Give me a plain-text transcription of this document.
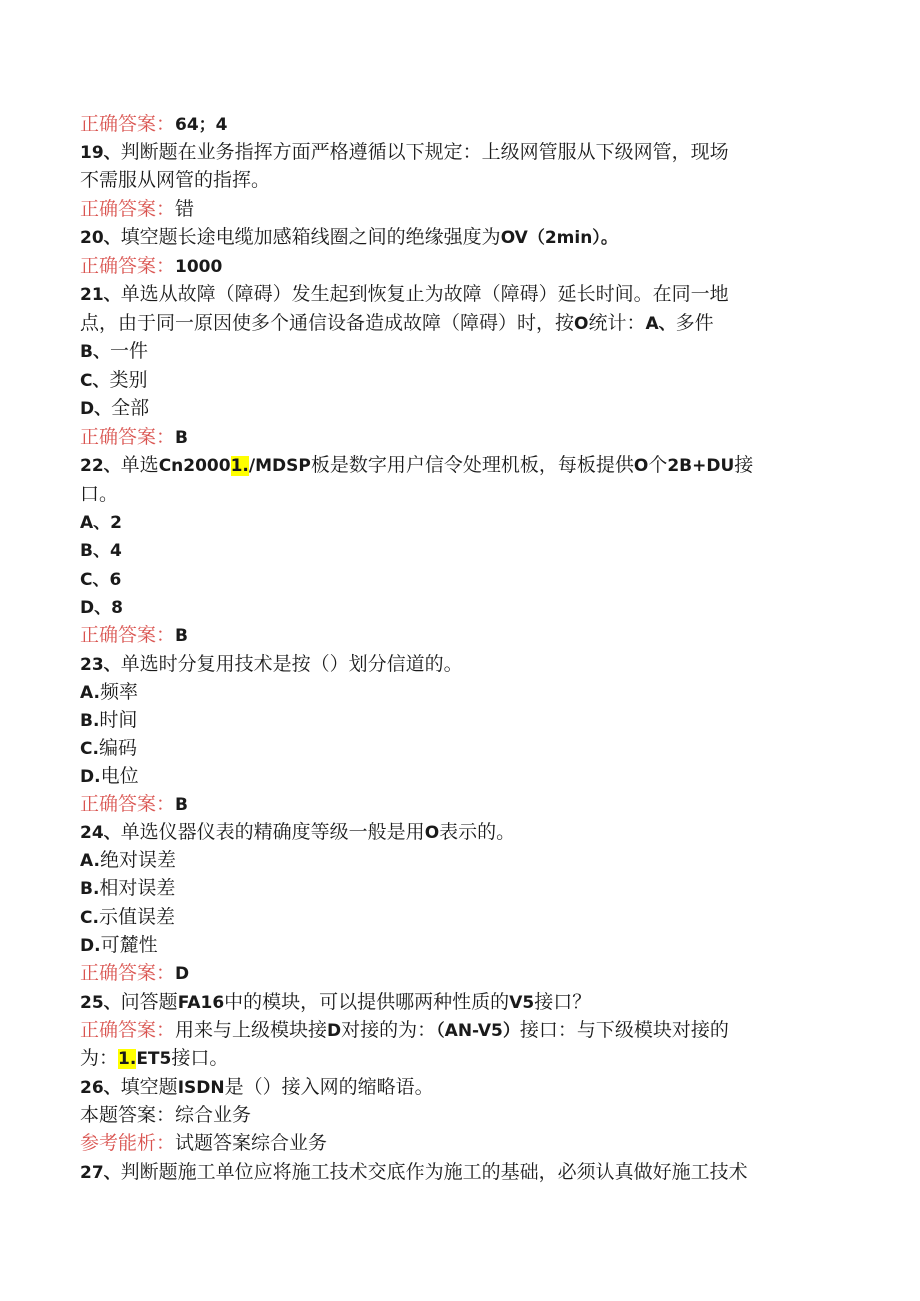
正确答案：64；4
19、判断题在业务指挥方面严格遵循以下规定：上级网管服从下级网管，现场
不需服从网管的指挥。
正确答案：错
20、填空题长途电缆加感箱线圈之间的绝缘强度为OV（2min）。
正确答案：1000
21、单选从故障（障碍）发生起到恢复止为故障（障碍）延长时间。在同一地
点，由于同一原因使多个通信设备造成故障（障碍）时，按O统计：A、多件
B、一件
C、类别
D、全部
正确答案：B
22、单选Cn20001./MDSP板是数字用户信令处理机板，每板提供O个2B+DU接
口。
A、2
B、4
C、6
D、8
正确答案：B
23、单选时分复用技术是按（）划分信道的。
A.频率
B.时间
C.编码
D.电位
正确答案：B
24、单选仪器仪表的精确度等级一般是用O表示的。
A.绝对误差
B.相对误差
C.示值误差
D.可麓性
正确答案：D
25、问答题FA16中的模块，可以提供哪两种性质的V5接口？
正确答案：用来与上级模块接D对接的为：（AN-V5）接口：与下级模块对接的
为：1.ET5接口。
26、填空题ISDN是（）接入网的缩略语。
本题答案：综合业务
参考能析：试题答案综合业务
27、判断题施工单位应将施工技术交底作为施工的基础，必须认真做好施工技术
